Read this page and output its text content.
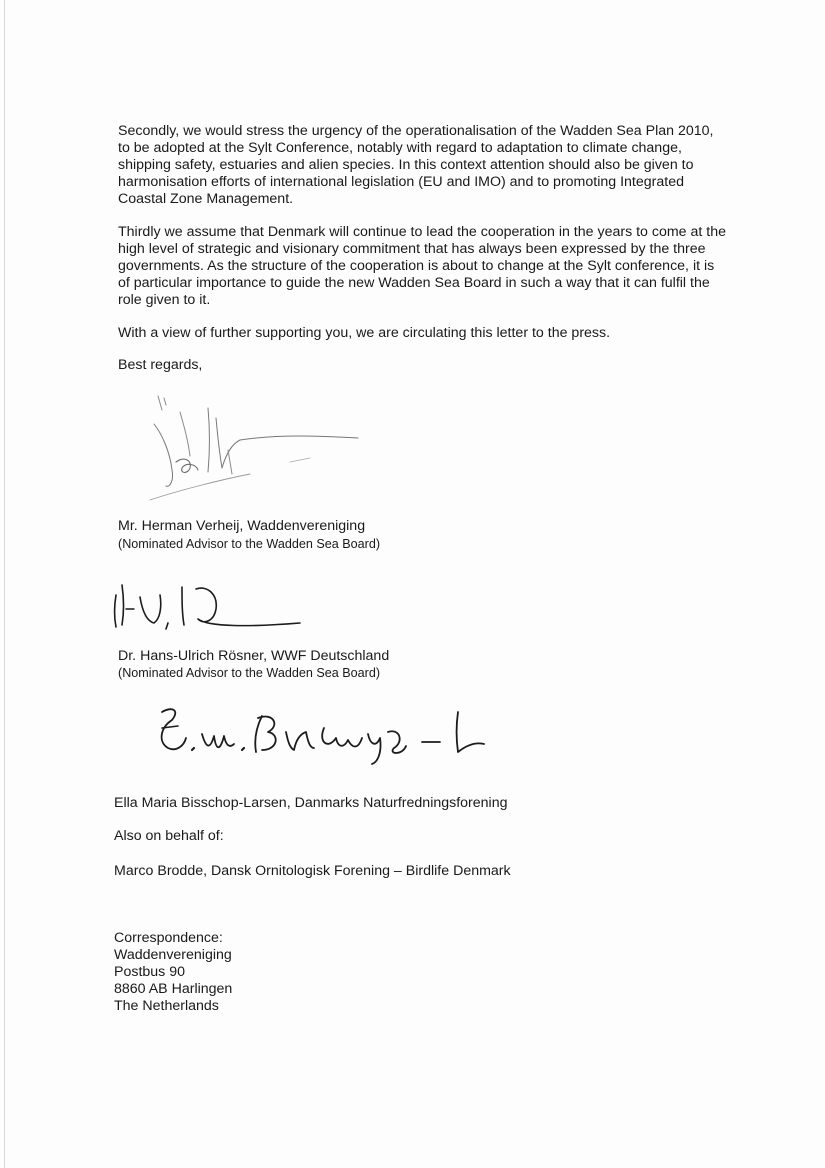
Secondly, we would stress the urgency of the operationalisation of the Wadden Sea Plan 2010, to be adopted at the Sylt Conference, notably with regard to adaptation to climate change, shipping safety, estuaries and alien species. In this context attention should also be given to harmonisation efforts of international legislation (EU and IMO) and to promoting Integrated Coastal Zone Management.

Thirdly we assume that Denmark will continue to lead the cooperation in the years to come at the high level of strategic and visionary commitment that has always been expressed by the three governments. As the structure of the cooperation is about to change at the Sylt conference, it is of particular importance to guide the new Wadden Sea Board in such a way that it can fulfil the role given to it.

With a view of further supporting you, we are circulating this letter to the press.

Best regards,
Mr. Herman Verheij, Waddenvereniging
(Nominated Advisor to the Wadden Sea Board)
Dr. Hans-Ulrich Rösner, WWF Deutschland
(Nominated Advisor to the Wadden Sea Board)
Ella Maria Bisschop-Larsen, Danmarks Naturfredningsforening
Also on behalf of:
Marco Brodde, Dansk Ornitologisk Forening – Birdlife Denmark
Correspondence:
Waddenvereniging
Postbus 90
8860 AB Harlingen
The Netherlands
